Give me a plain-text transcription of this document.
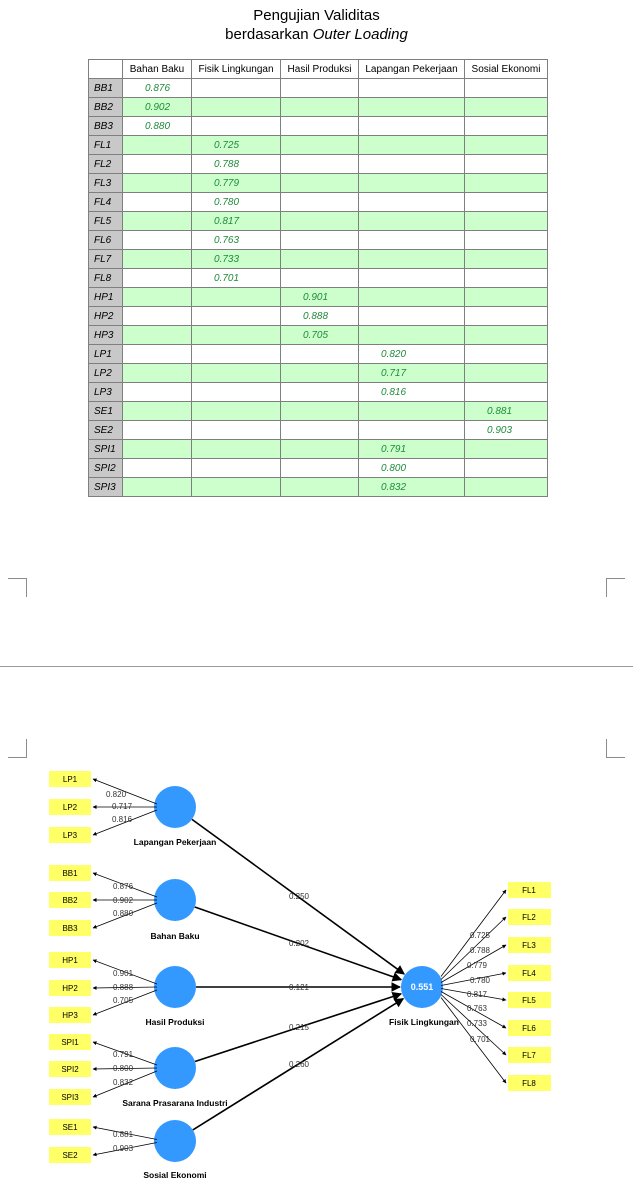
Pengujian Validitas
berdasarkan Outer Loading
	Bahan Baku	Fisik Lingkungan	Hasil Produksi	Lapangan Pekerjaan	Sosial Ekonomi
BB1	0.876				
BB2	0.902				
BB3	0.880				
FL1		0.725			
FL2		0.788			
FL3		0.779			
FL4		0.780			
FL5		0.817			
FL6		0.763			
FL7		0.733			
FL8		0.701			
HP1			0.901		
HP2			0.888		
HP3			0.705		
LP1				0.820	
LP2				0.717	
LP3				0.816	
SE1					0.881
SE2					0.903
SPI1				0.791	
SPI2				0.800	
SPI3				0.832	
0.250
Lapangan Pekerjaan
LP1
0.820
LP2	0.717
LP3
0.816
0.202
Bahan Baku
BB1
0.876
BB2	0.902
BB3
0.880
0.121
Hasil Produksi
HP1
0.901
HP2	0.888
HP3
0.705
0.215
Sarana Prasarana Industri
SPI1
0.791
SPI2	0.800
SPI3
0.832
0.260
Sosial Ekonomi
SE1
0.881
SE2
0.903
0.551
Fisik Lingkungan
FL1
0.725
FL2
0.788
FL3
0.779
FL4
0.780
FL5
0.817
FL6
0.763
FL7
0.733
FL8
0.701
